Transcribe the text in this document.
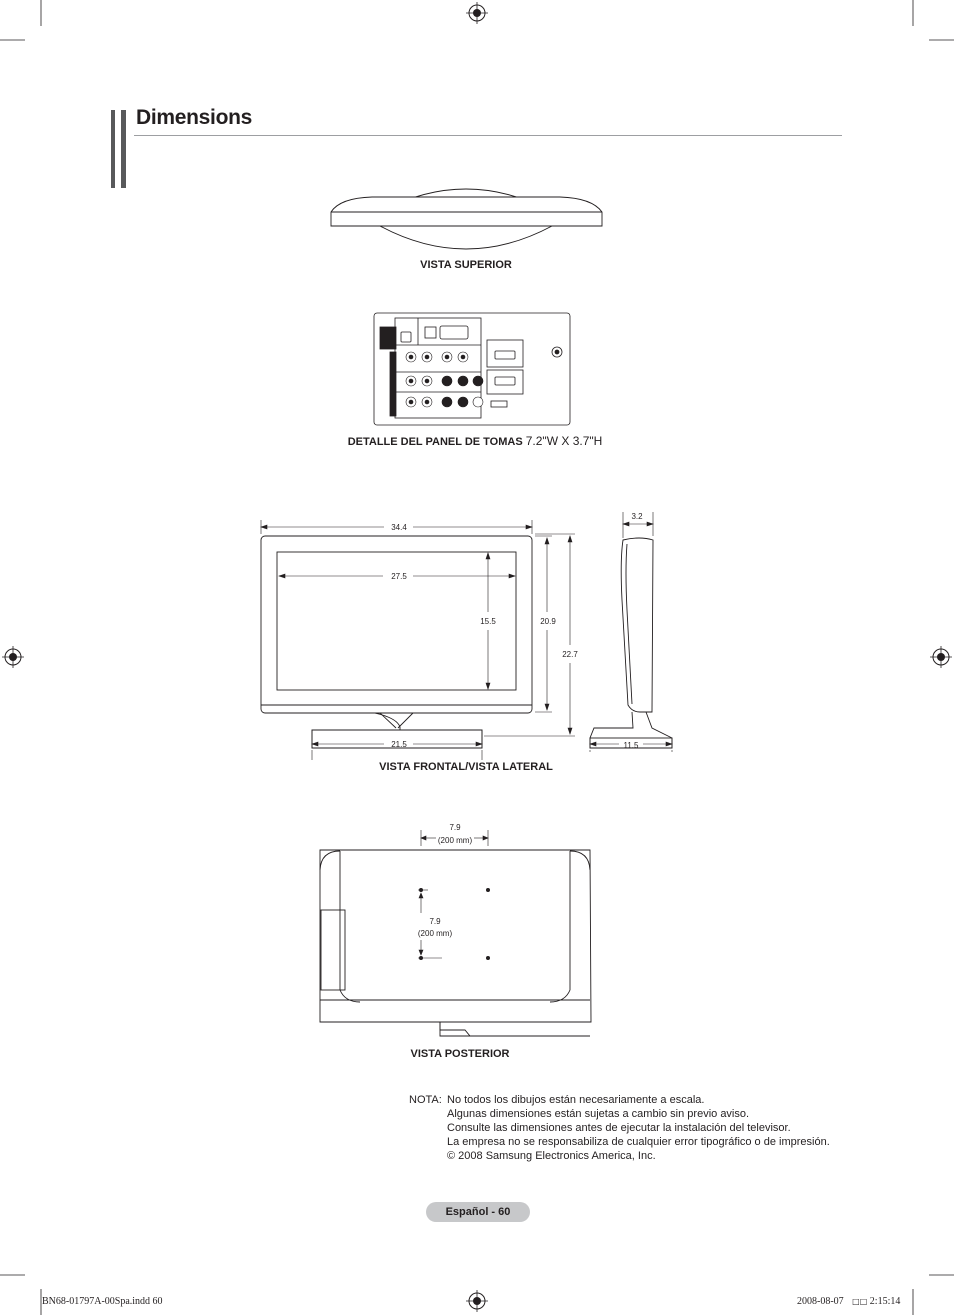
Dimensions
VISTA SUPERIOR
DETALLE DEL PANEL DE TOMAS 7.2"W X 3.7"H
34.4
27.5
15.5	20.9
22.7
21.5
3.2
11.5
VISTA FRONTAL/VISTA LATERAL
7.9
(200 mm)
7.9
(200 mm)
VISTA POSTERIOR
NOTA: No todos los dibujos están necesariamente a escala.
Algunas dimensiones están sujetas a cambio sin previo aviso.
Consulte las dimensiones antes de ejecutar la instalación del televisor.
La empresa no se responsabiliza de cualquier error tipográfico o de impresión.
© 2008 Samsung Electronics America, Inc.
Español - 60
BN68-01797A-00Spa.indd 60	2008-08-07 □□ 2:15:14
